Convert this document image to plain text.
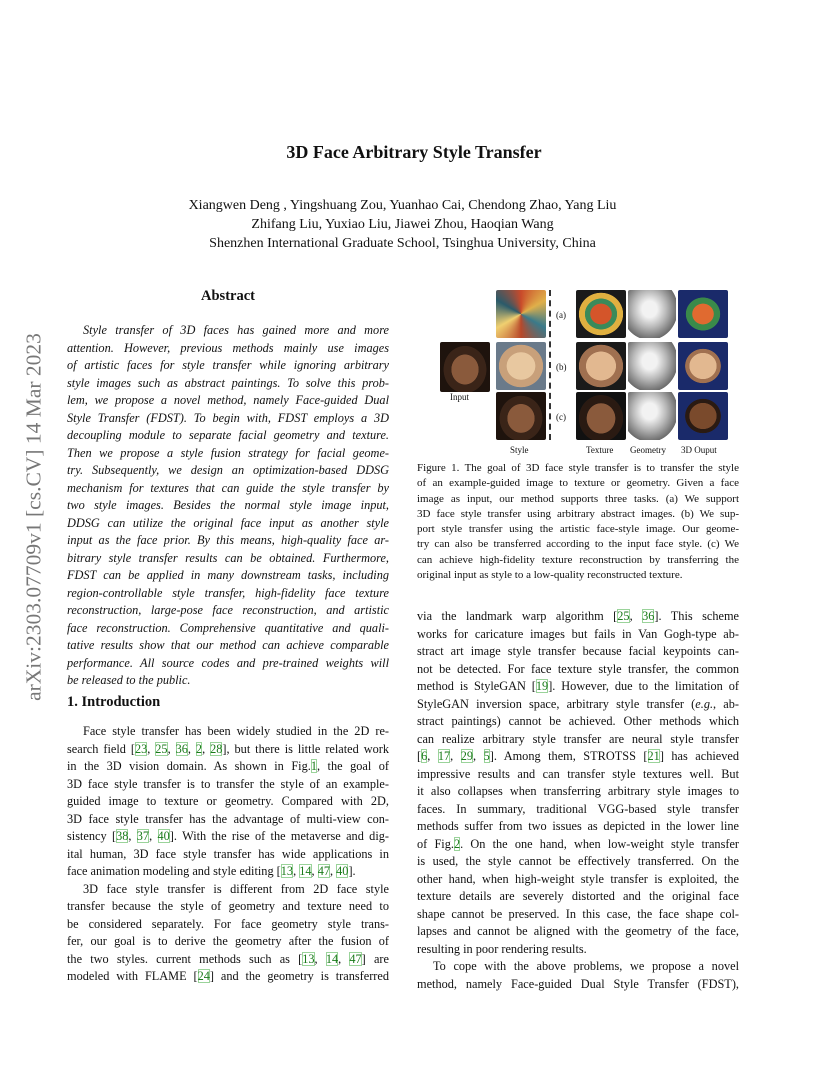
arXiv:2303.07709v1 [cs.CV] 14 Mar 2023
3D Face Arbitrary Style Transfer
Xiangwen Deng , Yingshuang Zou, Yuanhao Cai, Chendong Zhao, Yang Liu
Zhifang Liu, Yuxiao Liu, Jiawei Zhou, Haoqian Wang
Shenzhen International Graduate School, Tsinghua University, China
Abstract
Style transfer of 3D faces has gained more and more
attention. However, previous methods mainly use images
of artistic faces for style transfer while ignoring arbitrary
style images such as abstract paintings. To solve this prob-
lem, we propose a novel method, namely Face-guided Dual
Style Transfer (FDST). To begin with, FDST employs a 3D
decoupling module to separate facial geometry and texture.
Then we propose a style fusion strategy for facial geome-
try. Subsequently, we design an optimization-based DDSG
mechanism for textures that can guide the style transfer by
two style images. Besides the normal style image input,
DDSG can utilize the original face input as another style
input as the face prior. By this means, high-quality face ar-
bitrary style transfer results can be obtained. Furthermore,
FDST can be applied in many downstream tasks, including
region-controllable style transfer, high-fidelity face texture
reconstruction, large-pose face reconstruction, and artistic
face reconstruction. Comprehensive quantitative and quali-
tative results show that our method can achieve comparable
performance. All source codes and pre-trained weights will
be released to the public.
1. Introduction
Face style transfer has been widely studied in the 2D re-
search field [23, 25, 36, 2, 28], but there is little related work
in the 3D vision domain. As shown in Fig.1, the goal of
3D face style transfer is to transfer the style of an example-
guided image to texture or geometry. Compared with 2D,
3D face style transfer has the advantage of multi-view con-
sistency [38, 37, 40]. With the rise of the metaverse and dig-
ital human, 3D face style transfer has wide applications in
face animation modeling and style editing [13, 14, 47, 40].
3D face style transfer is different from 2D face style
transfer because the style of geometry and texture need to
be considered separately. For face geometry style trans-
fer, our goal is to derive the geometry after the fusion of
the two styles. current methods such as [13, 14, 47] are
modeled with FLAME [24] and the geometry is transferred
Input
Style
(a)
(b)
(c)
Texture Geometry 3D Ouput
Figure 1. The goal of 3D face style transfer is to transfer the style
of an example-guided image to texture or geometry. Given a face
image as input, our method supports three tasks. (a) We support
3D face style transfer using arbitrary abstract images. (b) We sup-
port style transfer using the artistic face-style image. Our geome-
try can also be transferred according to the input face style. (c) We
can achieve high-fidelity texture reconstruction by transferring the
original input as style to a low-quality reconstructed texture.
via the landmark warp algorithm [25, 36]. This scheme
works for caricature images but fails in Van Gogh-type ab-
stract art image style transfer because facial keypoints can-
not be detected. For face texture style transfer, the common
method is StyleGAN [19]. However, due to the limitation of
StyleGAN inversion space, arbitrary style transfer (e.g., ab-
stract paintings) cannot be achieved. Other methods which
can realize arbitrary style transfer are neural style transfer
[6, 17, 29, 5]. Among them, STROTSS [21] has achieved
impressive results and can transfer style textures well. But
it also collapses when transferring arbitrary style images to
faces. In summary, traditional VGG-based style transfer
methods suffer from two issues as depicted in the lower line
of Fig.2. On the one hand, when low-weight style transfer
is used, the style cannot be effectively transferred. On the
other hand, when high-weight style transfer is exploited, the
texture details are severely distorted and the original face
shape cannot be preserved. In this case, the face shape col-
lapses and cannot be aligned with the geometry of the face,
resulting in poor rendering results.
To cope with the above problems, we propose a novel
method, namely Face-guided Dual Style Transfer (FDST),
